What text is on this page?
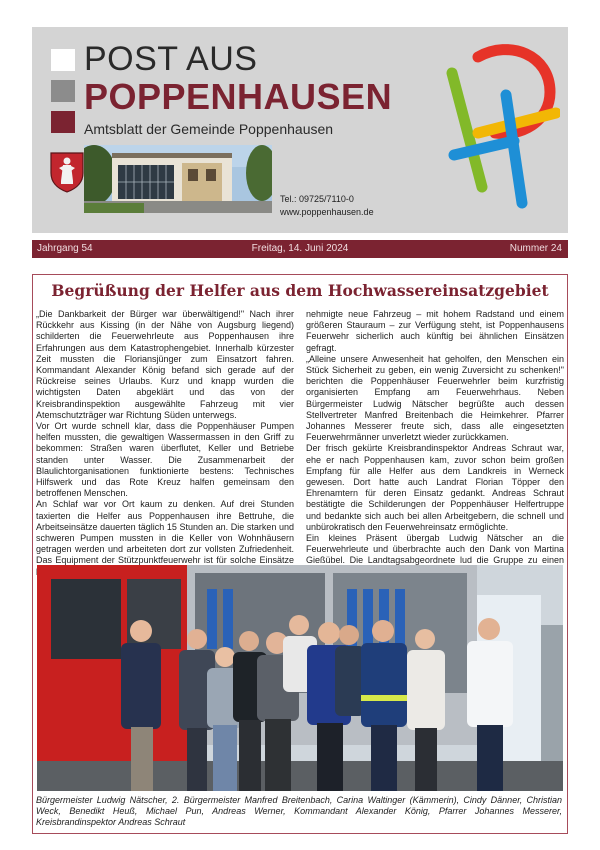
POST AUS
POPPENHAUSEN
Amtsblatt der Gemeinde Poppenhausen
Tel.: 09725/7110-0
www.poppenhausen.de
Freitag, 14. Juni 2024
Jahrgang 54	Nummer 24
Begrüßung der Helfer aus dem Hochwassereinsatzgebiet

„Die Dankbarkeit der Bürger war überwältigend!" Nach ihrer Rückkehr aus Kissing (in der Nähe von Augsburg liegend) schilderten die Feuerwehrleute aus Poppenhausen ihre Erfahrungen aus dem Katastrophengebiet. Innerhalb kürzester Zeit mussten die Floriansjünger zum Einsatzort fahren. Kommandant Alexander König befand sich gerade auf der Rückreise seines Urlaubs. Kurz und knapp wurden die wichtigsten Daten abgeklärt und das von der Kreisbrandinspektion ausgewählte Fahrzeug mit vier Atemschutzträger war Richtung Süden unterwegs.

Vor Ort wurde schnell klar, dass die Poppenhäuser Pumpen helfen mussten, die gewaltigen Wassermassen in den Griff zu bekommen: Straßen waren überflutet, Keller und Betriebe standen unter Wasser. Die Zusammenarbeit der Blaulichtorganisationen funktionierte bestens: Technisches Hilfswerk und das Rote Kreuz halfen gemeinsam den betroffenen Menschen.

An Schlaf war vor Ort kaum zu denken. Auf drei Stunden taxierten die Helfer aus Poppenhausen ihre Bettruhe, die Arbeitseinsätze dauerten täglich 15 Stunden an. Die starken und schweren Pumpen mussten in die Keller von Wohnhäusern getragen werden und arbeiteten dort zur vollsten Zufriedenheit. Das Equipment der Stützpunktfeuerwehr ist für solche Einsätze

nehmigte neue Fahrzeug – mit hohem Radstand und einem größeren Stauraum – zur Verfügung steht, ist Poppenhausens Feuerwehr sicherlich auch künftig bei ähnlichen Einsätzen gefragt.

„Alleine unsere Anwesenheit hat geholfen, den Menschen ein Stück Sicherheit zu geben, ein wenig Zuversicht zu schenken!" berichten die Poppenhäuser Feuerwehrler beim kurzfristig organisierten Empfang am Feuerwehrhaus. Neben Bürgermeister Ludwig Nätscher begrüßte auch dessen Stellvertreter Manfred Breitenbach die Heimkehrer. Pfarrer Johannes Messerer freute sich, dass alle eingesetzten Feuerwehrmänner unverletzt wieder zurückkamen.

Der frisch gekürte Kreisbrandinspektor Andreas Schraut war, ehe er nach Poppenhausen kam, zuvor schon beim großen Empfang für alle Helfer aus dem Landkreis in Werneck gewesen. Dort hatte auch Landrat Florian Töpper den Ehrenamtern für deren Einsatz gedankt. Andreas Schraut bestätigte die Schilderungen der Poppenhäuser Helfertruppe und bedankte sich auch bei allen Arbeitgebern, die schnell und unbürokratisch den Feuerwehreinsatz ermöglichte.

Ein kleines Präsent übergab Ludwig Nätscher an die Feuerwehrleute und überbrachte auch den Dank von Martina Gießübel. Die Landtagsabgeordnete lud die Gruppe zu einen

Bürgermeister Ludwig Nätscher, 2. Bürgermeister Manfred Breitenbach, Carina Waltinger (Kämmerin), Cindy Dänner, Christian Weck, Benedikt Heuß, Michael Pun, Andreas Werner, Kommandant Alexander König, Pfarrer Johannes Messerer, Kreisbrandinspektor Andreas Schraut
